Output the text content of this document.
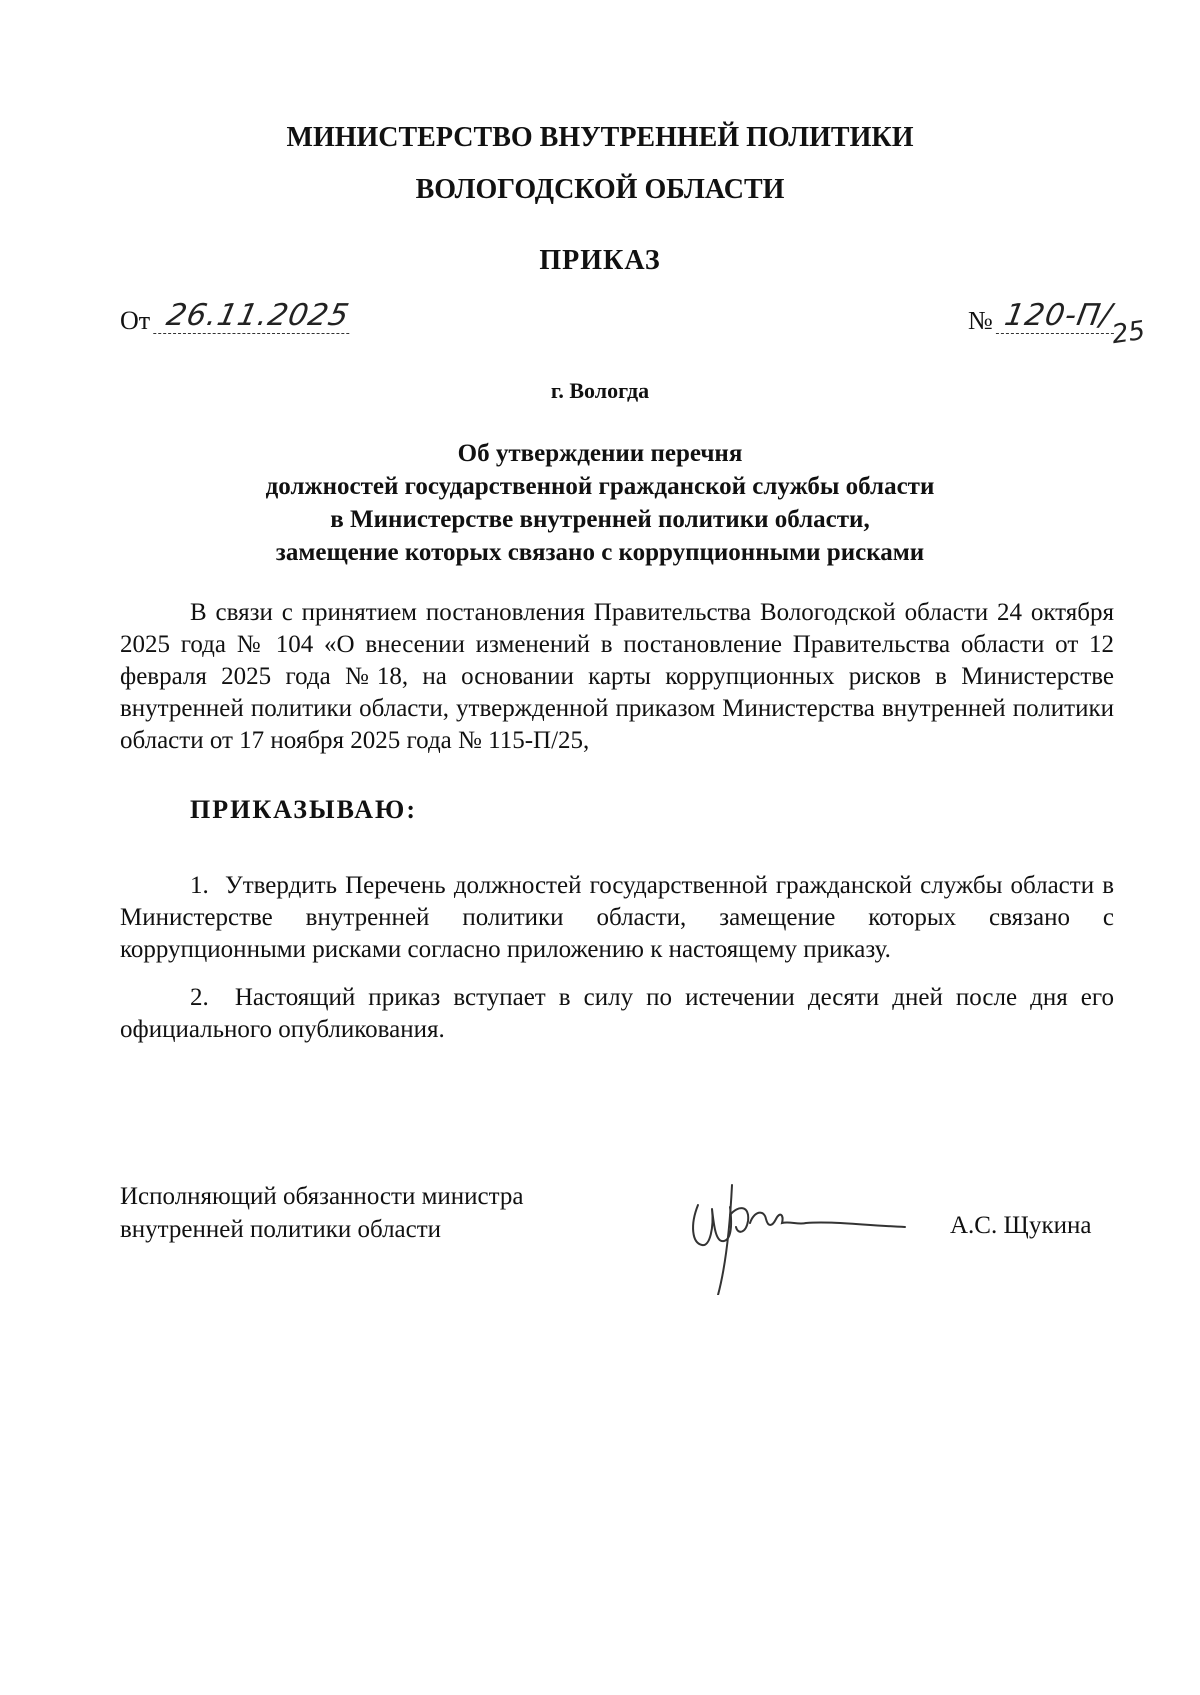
МИНИСТЕРСТВО ВНУТРЕННЕЙ ПОЛИТИКИ
ВОЛОГОДСКОЙ ОБЛАСТИ
ПРИКАЗ
От 26.11.2025	№ 120-П/
25
г. Вологда
Об утверждении перечня
должностей государственной гражданской службы области
в Министерстве внутренней политики области,
замещение которых связано с коррупционными рисками
В связи с принятием постановления Правительства Вологодской области 24 октября 2025 года № 104 «О внесении изменений в постановление Правительства области от 12 февраля 2025 года №18, на основании карты коррупционных рисков в Министерстве внутренней политики области, утвержденной приказом Министерства внутренней политики области от 17 ноября 2025 года № 115-П/25,
ПРИКАЗЫВАЮ:
1. Утвердить Перечень должностей государственной гражданской службы области в Министерстве внутренней политики области, замещение которых связано с коррупционными рисками согласно приложению к настоящему приказу.
2. Настоящий приказ вступает в силу по истечении десяти дней после дня его официального опубликования.
Исполняющий обязанности министра
внутренней политики области	А.С. Щукина
